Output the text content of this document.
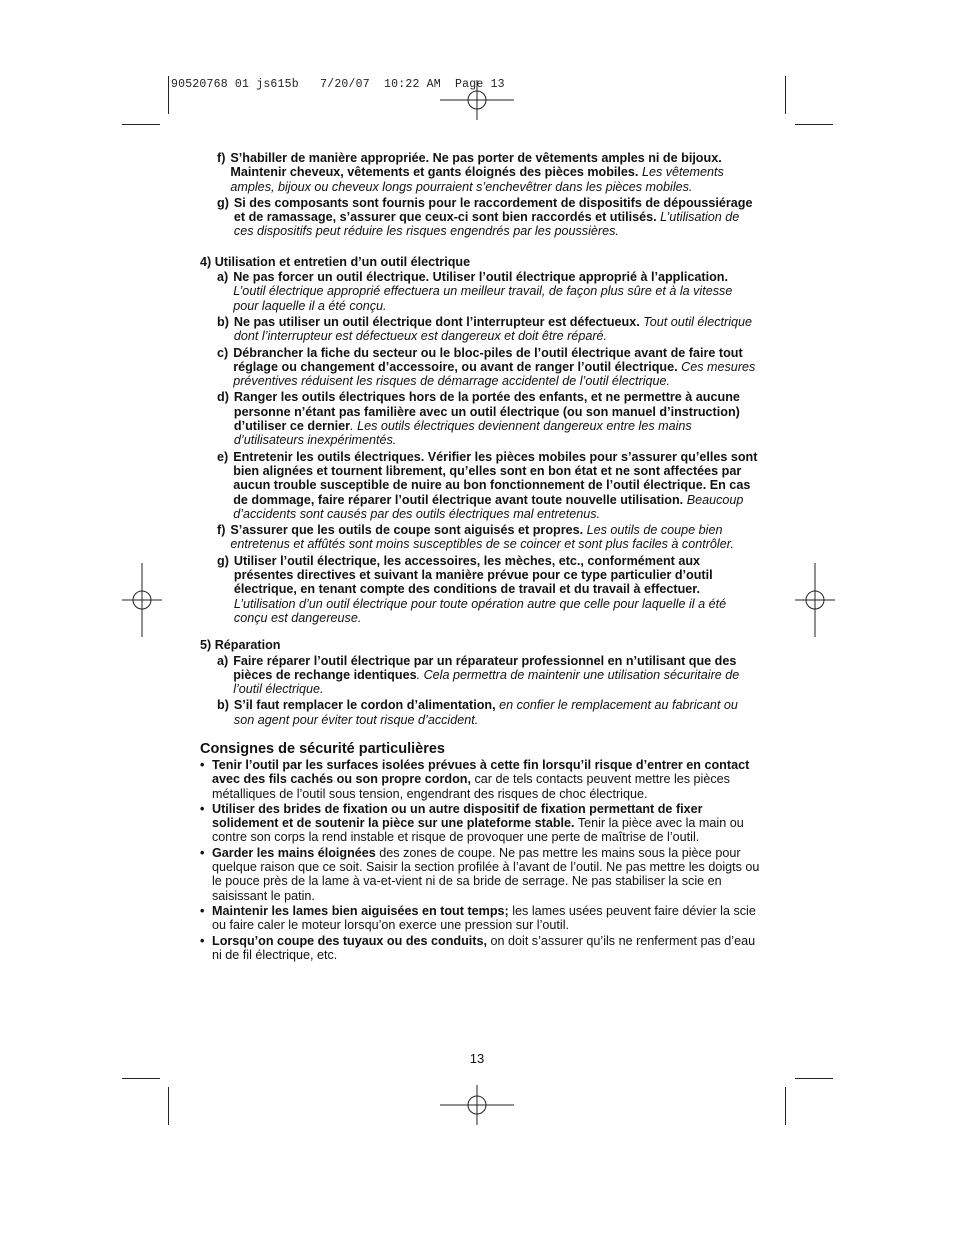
90520768 01 js615b   7/20/07  10:22 AM  Page 13
f) S’habiller de manière appropriée. Ne pas porter de vêtements amples ni de bijoux. Maintenir cheveux, vêtements et gants éloignés des pièces mobiles. Les vêtements amples, bijoux ou cheveux longs pourraient s’enchevêtrer dans les pièces mobiles.
g) Si des composants sont fournis pour le raccordement de dispositifs de dépoussiérage et de ramassage, s’assurer que ceux-ci sont bien raccordés et utilisés. L’utilisation de ces dispositifs peut réduire les risques engendrés par les poussières.
4) Utilisation et entretien d’un outil électrique
a) Ne pas forcer un outil électrique. Utiliser l’outil électrique approprié à l’application. L’outil électrique approprié effectuera un meilleur travail, de façon plus sûre et à la vitesse pour laquelle il a été conçu.
b) Ne pas utiliser un outil électrique dont l’interrupteur est défectueux. Tout outil électrique dont l’interrupteur est défectueux est dangereux et doit être réparé.
c) Débrancher la fiche du secteur ou le bloc-piles de l’outil électrique avant de faire tout réglage ou changement d’accessoire, ou avant de ranger l’outil électrique. Ces mesures préventives réduisent les risques de démarrage accidentel de l’outil électrique.
d) Ranger les outils électriques hors de la portée des enfants, et ne permettre à aucune personne n’étant pas familière avec un outil électrique (ou son manuel d’instruction) d’utiliser ce dernier. Les outils électriques deviennent dangereux entre les mains d’utilisateurs inexpérimentés.
e) Entretenir les outils électriques. Vérifier les pièces mobiles pour s’assurer qu’elles sont bien alignées et tournent librement, qu’elles sont en bon état et ne sont affectées par aucun trouble susceptible de nuire au bon fonctionnement de l’outil électrique. En cas de dommage, faire réparer l’outil électrique avant toute nouvelle utilisation. Beaucoup d’accidents sont causés par des outils électriques mal entretenus.
f) S’assurer que les outils de coupe sont aiguisés et propres. Les outils de coupe bien entretenus et affûtés sont moins susceptibles de se coincer et sont plus faciles à contrôler.
g) Utiliser l’outil électrique, les accessoires, les mèches, etc., conformément aux présentes directives et suivant la manière prévue pour ce type particulier d’outil électrique, en tenant compte des conditions de travail et du travail à effectuer. L’utilisation d’un outil électrique pour toute opération autre que celle pour laquelle il a été conçu est dangereuse.
5) Réparation
a) Faire réparer l’outil électrique par un réparateur professionnel en n’utilisant que des pièces de rechange identiques. Cela permettra de maintenir une utilisation sécuritaire de l’outil électrique.
b) S’il faut remplacer le cordon d’alimentation, en confier le remplacement au fabricant ou son agent pour éviter tout risque d’accident.
Consignes de sécurité particulières
• Tenir l’outil par les surfaces isolées prévues à cette fin lorsqu’il risque d’entrer en contact avec des fils cachés ou son propre cordon, car de tels contacts peuvent mettre les pièces métalliques de l’outil sous tension, engendrant des risques de choc électrique.
• Utiliser des brides de fixation ou un autre dispositif de fixation permettant de fixer solidement et de soutenir la pièce sur une plateforme stable. Tenir la pièce avec la main ou contre son corps la rend instable et risque de provoquer une perte de maîtrise de l’outil.
• Garder les mains éloignées des zones de coupe. Ne pas mettre les mains sous la pièce pour quelque raison que ce soit. Saisir la section profilée à l’avant de l’outil. Ne pas mettre les doigts ou le pouce près de la lame à va-et-vient ni de sa bride de serrage. Ne pas stabiliser la scie en saisissant le patin.
• Maintenir les lames bien aiguisées en tout temps; les lames usées peuvent faire dévier la scie ou faire caler le moteur lorsqu’on exerce une pression sur l’outil.
• Lorsqu’on coupe des tuyaux ou des conduits, on doit s’assurer qu’ils ne renferment pas d’eau ni de fil électrique, etc.
13
